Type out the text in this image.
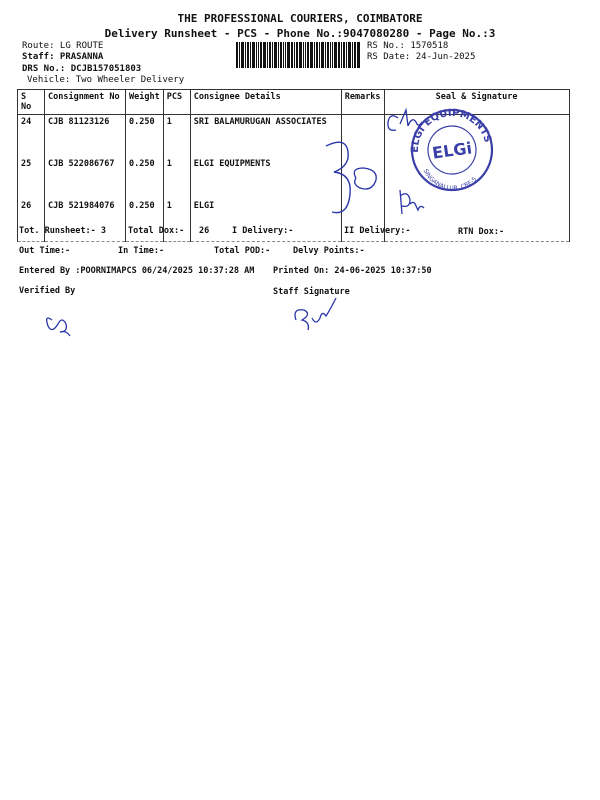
THE PROFESSIONAL COURIERS, COIMBATORE
Delivery Runsheet - PCS - Phone No.:9047080280 - Page No.:3
Route: LG ROUTE
Staff: PRASANNA
DRS No.: DCJB157051803
Vehicle: Two Wheeler Delivery
RS No.: 1570518
RS Date: 24-Jun-2025
S No	Consignment No	Weight	PCS	Consignee Details	Remarks	Seal & Signature
24	CJB 81123126	0.250	1	SRI BALAMURUGAN ASSOCIATES		
25	CJB 522086767	0.250	1	ELGI EQUIPMENTS		
26	CJB 521984076	0.250	1	ELGI		
ELGI EQUIPMENTS
SINGANALLUR, CBE-5
ELGi
Tot. Runsheet:- 3	Total Dox:- 26	I Delivery:-	II Delivery:-	RTN Dox:-
Out Time:-	In Time:-	Total POD:-	Delvy Points:-
Entered By :POORNIMAPCS 06/24/2025 10:37:28 AM Printed On: 24-06-2025 10:37:50
Verified By	Staff Signature
